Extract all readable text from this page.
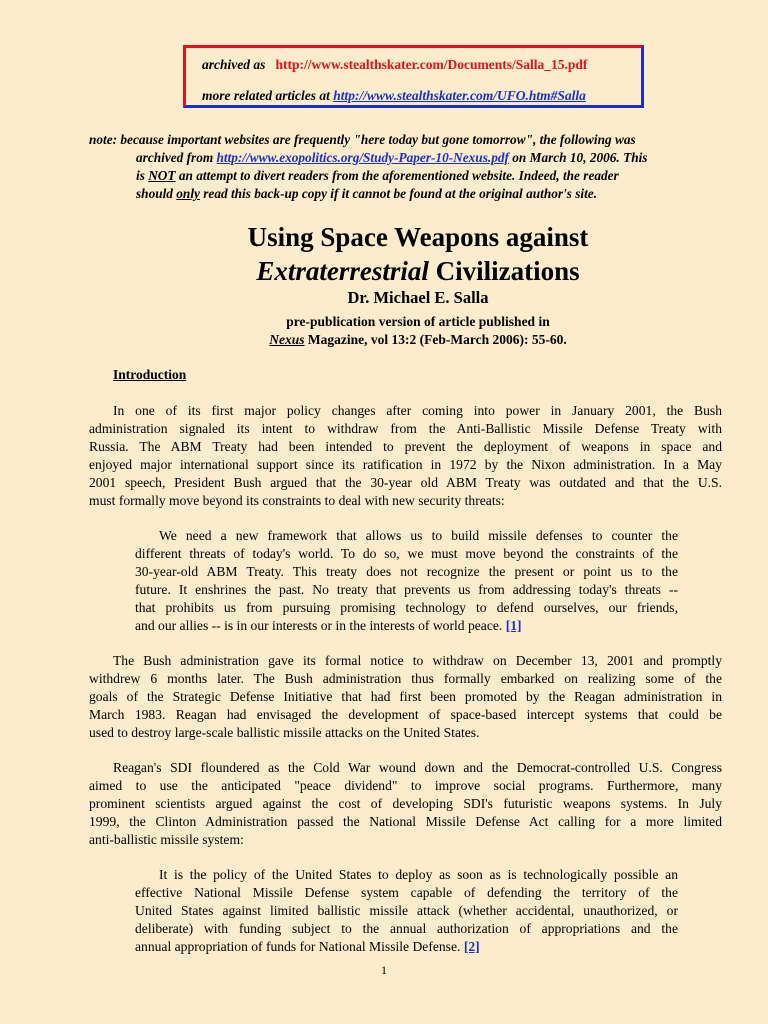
archived as http://www.stealthskater.com/Documents/Salla_15.pdf
more related articles at http://www.stealthskater.com/UFO.htm#Salla
note: because important websites are frequently "here today but gone tomorrow", the following was
archived from http://www.exopolitics.org/Study-Paper-10-Nexus.pdf on March 10, 2006. This
is NOT an attempt to divert readers from the aforementioned website. Indeed, the reader
should only read this back-up copy if it cannot be found at the original author's site.
Using Space Weapons against
Extraterrestrial Civilizations
Dr. Michael E. Salla
pre-publication version of article published in
Nexus Magazine, vol 13:2 (Feb-March 2006): 55-60.
Introduction
In one of its first major policy changes after coming into power in January 2001, the Bush
administration signaled its intent to withdraw from the Anti-Ballistic Missile Defense Treaty with
Russia. The ABM Treaty had been intended to prevent the deployment of weapons in space and
enjoyed major international support since its ratification in 1972 by the Nixon administration. In a May
2001 speech, President Bush argued that the 30-year old ABM Treaty was outdated and that the U.S.
must formally move beyond its constraints to deal with new security threats:
We need a new framework that allows us to build missile defenses to counter the
different threats of today's world. To do so, we must move beyond the constraints of the
30-year-old ABM Treaty. This treaty does not recognize the present or point us to the
future. It enshrines the past. No treaty that prevents us from addressing today's threats --
that prohibits us from pursuing promising technology to defend ourselves, our friends,
and our allies -- is in our interests or in the interests of world peace. [1]
The Bush administration gave its formal notice to withdraw on December 13, 2001 and promptly
withdrew 6 months later. The Bush administration thus formally embarked on realizing some of the
goals of the Strategic Defense Initiative that had first been promoted by the Reagan administration in
March 1983. Reagan had envisaged the development of space-based intercept systems that could be
used to destroy large-scale ballistic missile attacks on the United States.
Reagan's SDI floundered as the Cold War wound down and the Democrat-controlled U.S. Congress
aimed to use the anticipated "peace dividend" to improve social programs. Furthermore, many
prominent scientists argued against the cost of developing SDI's futuristic weapons systems. In July
1999, the Clinton Administration passed the National Missile Defense Act calling for a more limited
anti-ballistic missile system:
It is the policy of the United States to deploy as soon as is technologically possible an
effective National Missile Defense system capable of defending the territory of the
United States against limited ballistic missile attack (whether accidental, unauthorized, or
deliberate) with funding subject to the annual authorization of appropriations and the
annual appropriation of funds for National Missile Defense. [2]
1
